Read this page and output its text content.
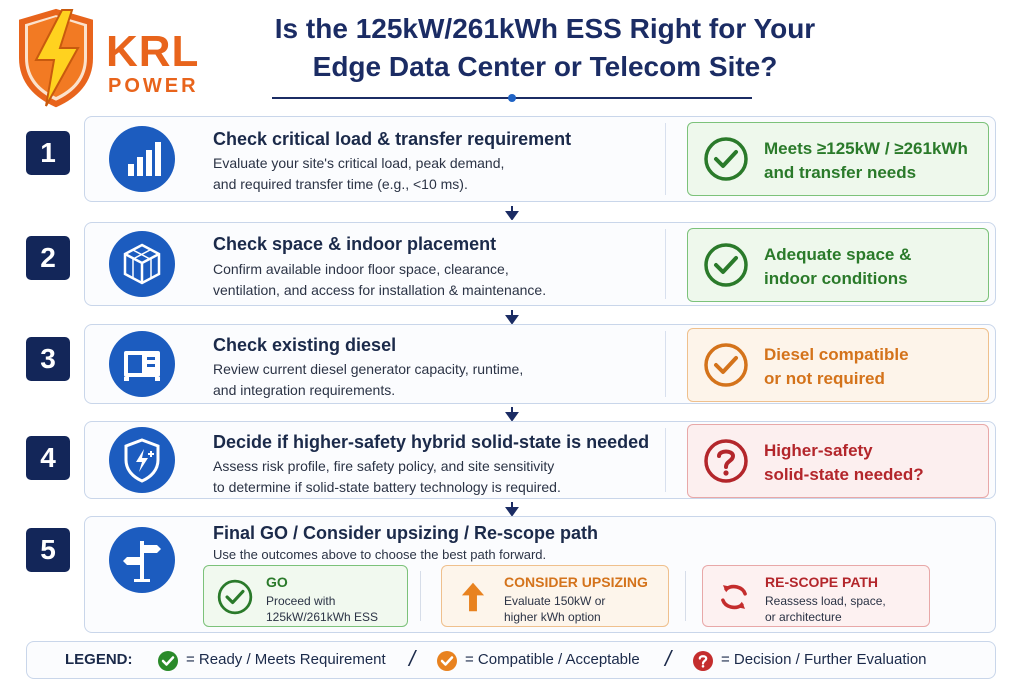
KRL
POWER
Is the 125kW/261kWh ESS Right for Your
Edge Data Center or Telecom Site?
1	Check critical load & transfer requirement
Evaluate your site's critical load, peak demand,
and required transfer time (e.g., <10 ms).
Meets ≥125kW / ≥261kWh
and transfer needs
2	Check space & indoor placement
Confirm available indoor floor space, clearance,
ventilation, and access for installation & maintenance.
Adequate space &
indoor conditions
3	Check existing diesel
Review current diesel generator capacity, runtime,
and integration requirements.
Diesel compatible
or not required
4	Decide if higher-safety hybrid solid-state is needed
Assess risk profile, fire safety policy, and site sensitivity
to determine if solid-state battery technology is required.
Higher-safety
solid-state needed?
5
Final GO / Consider upsizing / Re-scope path
Use the outcomes above to choose the best path forward.
GO
Proceed with
125kW/261kWh ESS
CONSIDER UPSIZING
Evaluate 150kW or
higher kWh option
RE-SCOPE PATH
Reassess load, space,
or architecture
LEGEND:	= Ready / Meets Requirement /	= Compatible / Acceptable /	= Decision / Further Evaluation
